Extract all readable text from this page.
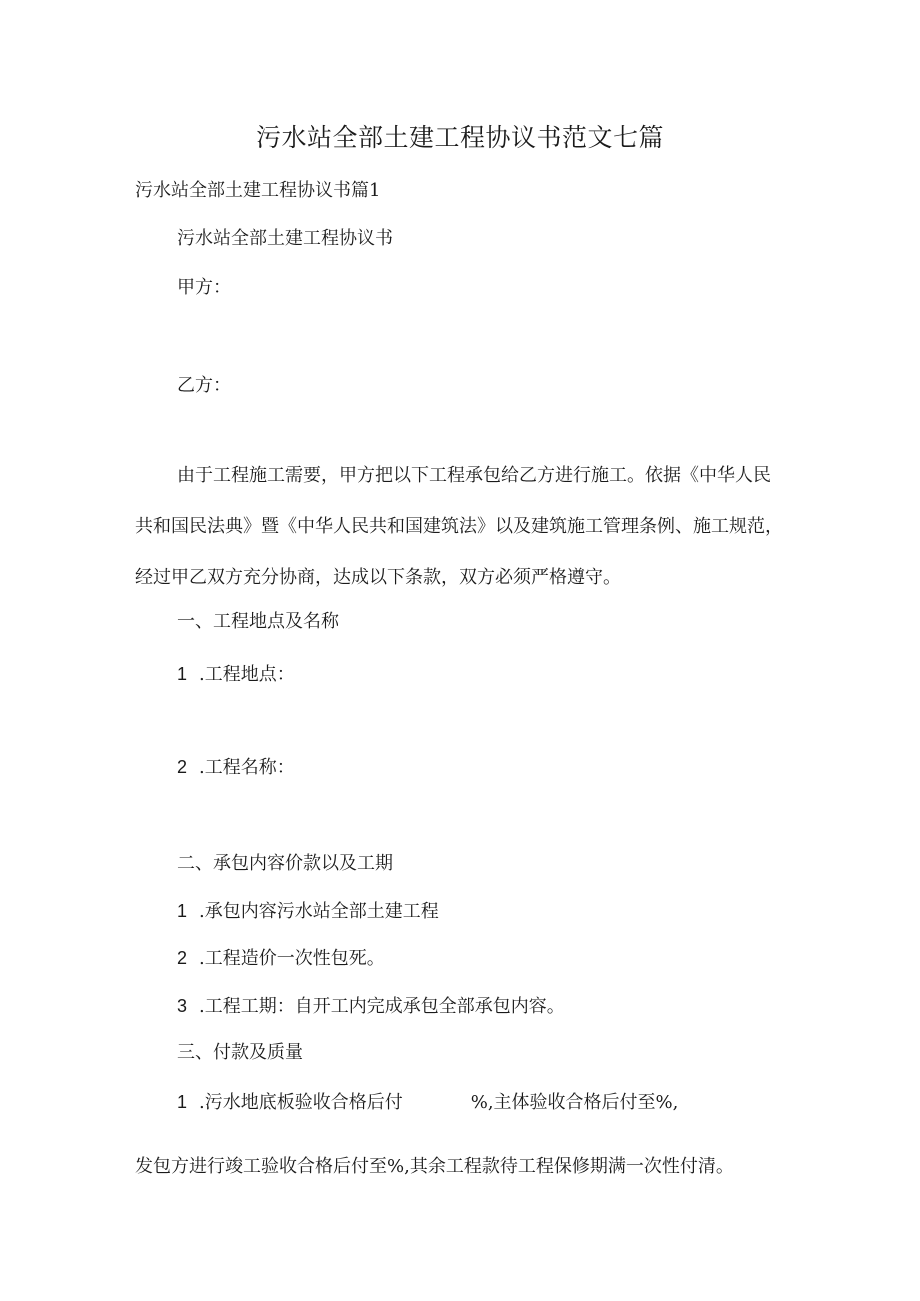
污水站全部土建工程协议书范文七篇
污水站全部土建工程协议书篇1
污水站全部土建工程协议书
甲方：
乙方：
由于工程施工需要，甲方把以下工程承包给乙方进行施工。依据《中华人民
共和国民法典》暨《中华人民共和国建筑法》以及建筑施工管理条例、施工规范，
经过甲乙双方充分协商，达成以下条款，双方必须严格遵守。
一、工程地点及名称
1 .工程地点：
2 .工程名称：
二、承包内容价款以及工期
1 .承包内容污水站全部土建工程
2 .工程造价一次性包死。
3 .工程工期：自开工内完成承包全部承包内容。
三、付款及质量
1 .污水地底板验收合格后付	%,主体验收合格后付至%,
发包方进行竣工验收合格后付至%,其余工程款待工程保修期满一次性付清。
